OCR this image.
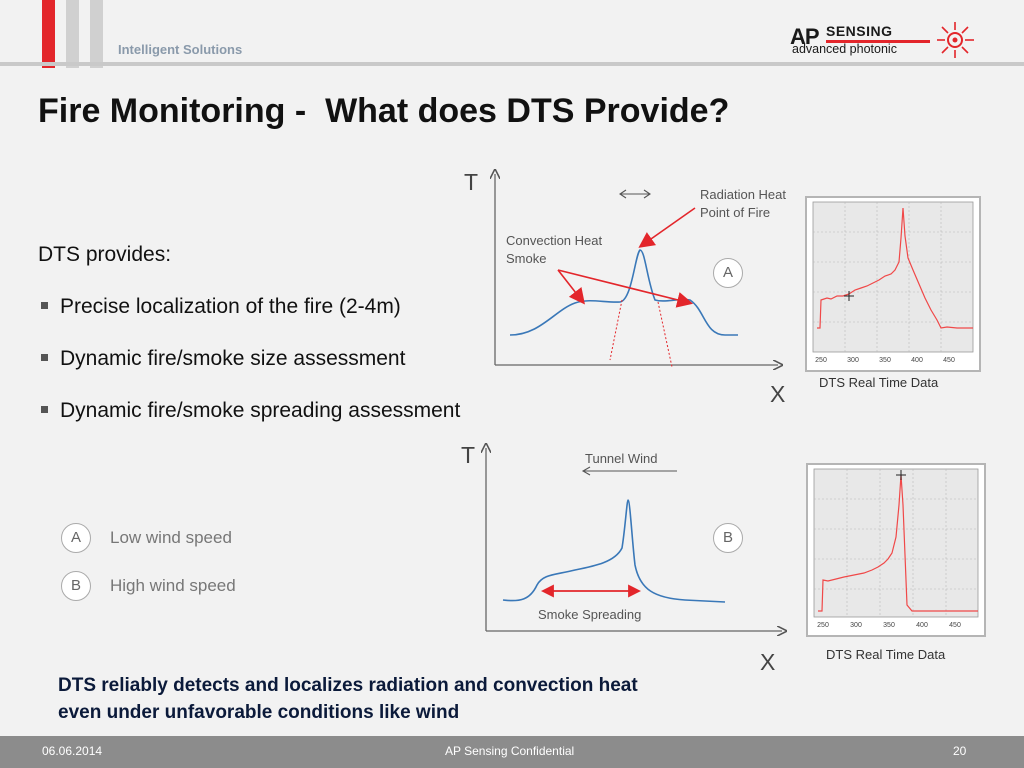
Intelligent Solutions
AP SENSING
advanced photonic
Fire Monitoring -  What does DTS Provide?
DTS provides:
Precise localization of the fire (2-4m)
Dynamic fire/smoke size assessment
Dynamic fire/smoke spreading assessment
A	Low wind speed
B	High wind speed
T
X
Radiation Heat
Point of Fire
Convection Heat
Smoke
A
250	300	350	400	450
DTS Real Time Data
T
X
Tunnel Wind
Smoke Spreading
B
250	300	350	400	450
DTS Real Time Data
DTS reliably detects and localizes radiation and convection heat
even under unfavorable conditions like wind
06.06.2014	AP Sensing Confidential	20
